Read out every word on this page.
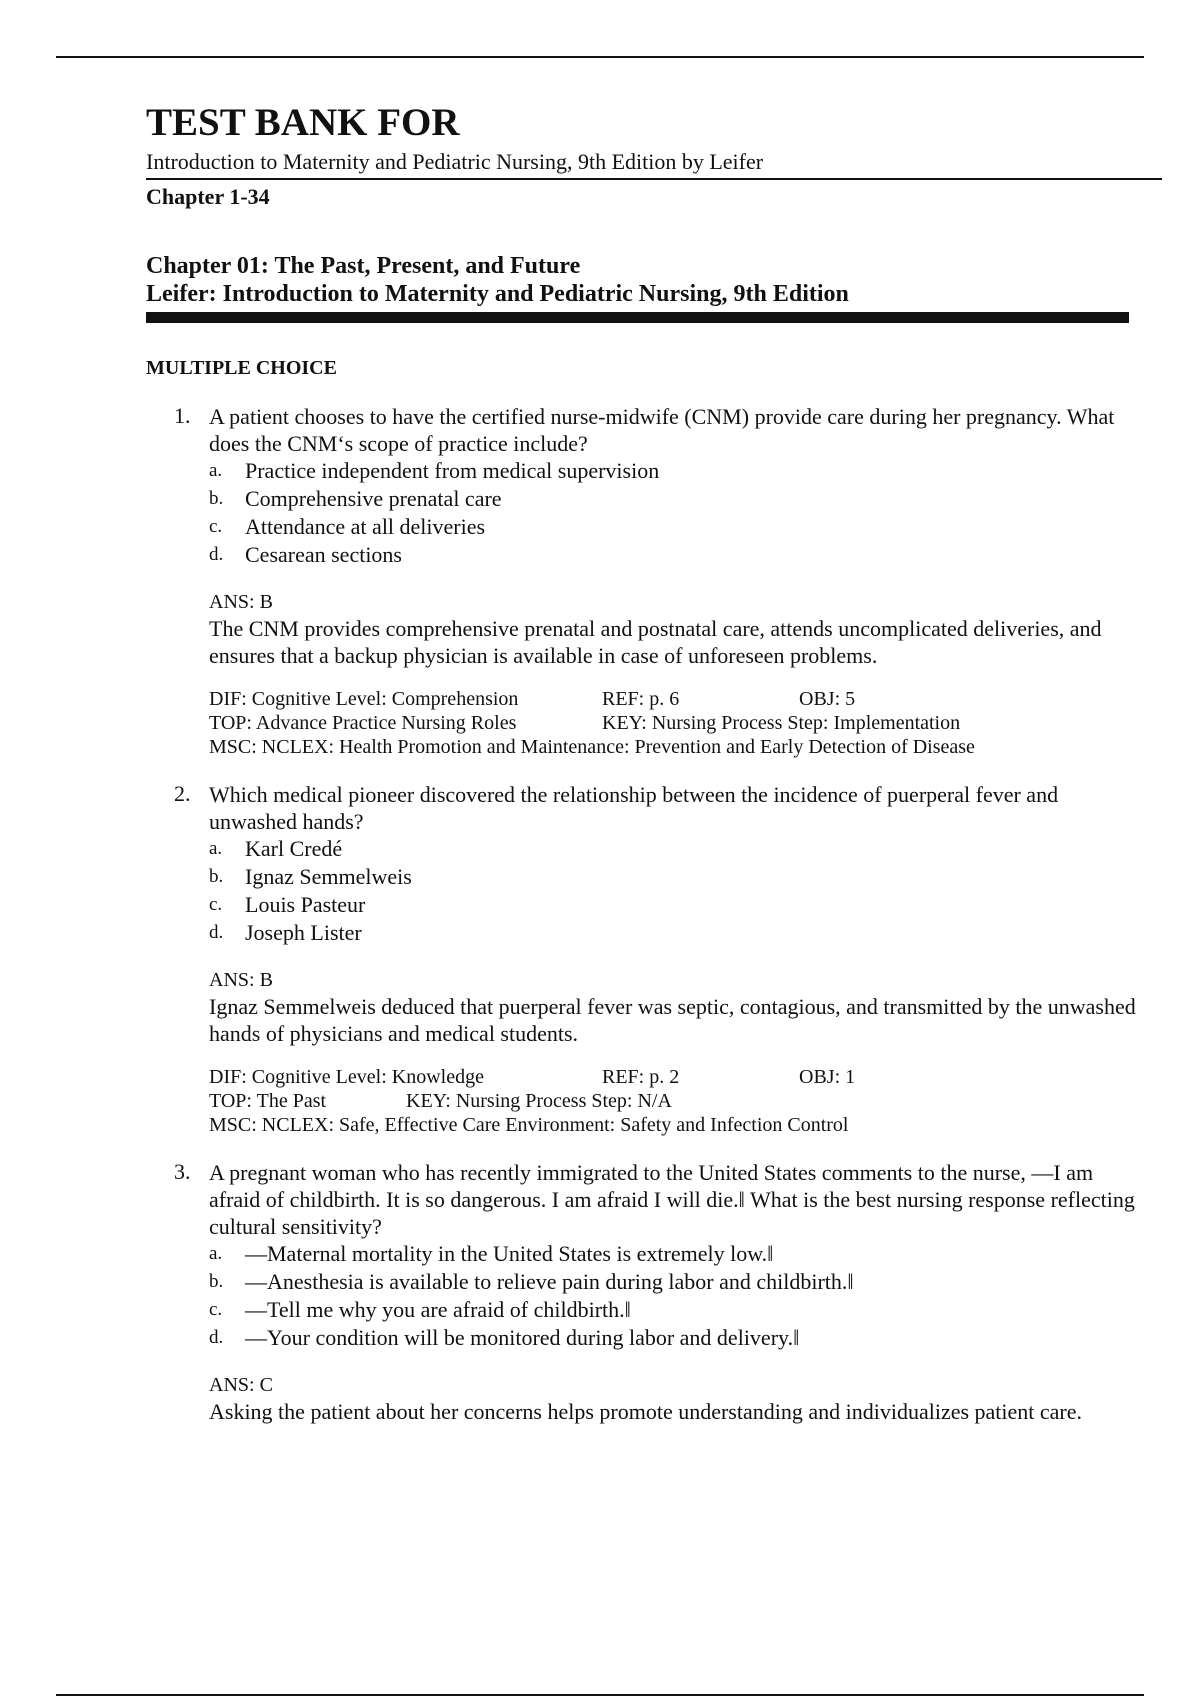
TEST BANK FOR
Introduction to Maternity and Pediatric Nursing, 9th Edition by Leifer
Chapter 1-34
Chapter 01: The Past, Present, and Future
Leifer: Introduction to Maternity and Pediatric Nursing, 9th Edition
MULTIPLE CHOICE
1. A patient chooses to have the certified nurse-midwife (CNM) provide care during her pregnancy. What does the CNM‘s scope of practice include?
a.	Practice independent from medical supervision
b. Comprehensive prenatal care
c.	Attendance at all deliveries
d. Cesarean sections
ANS: B
The CNM provides comprehensive prenatal and postnatal care, attends uncomplicated deliveries, and ensures that a backup physician is available in case of unforeseen problems.
DIF: Cognitive Level: Comprehension	REF: p. 6	OBJ: 5
TOP: Advance Practice Nursing Roles	KEY: Nursing Process Step: Implementation
MSC: NCLEX: Health Promotion and Maintenance: Prevention and Early Detection of Disease
2. Which medical pioneer discovered the relationship between the incidence of puerperal fever and unwashed hands?
a.	Karl Credé
b. Ignaz Semmelweis
c.	Louis Pasteur
d. Joseph Lister
ANS: B
Ignaz Semmelweis deduced that puerperal fever was septic, contagious, and transmitted by the unwashed hands of physicians and medical students.
DIF: Cognitive Level: Knowledge	REF: p. 2	OBJ: 1
TOP: The Past	KEY: Nursing Process Step: N/A
MSC: NCLEX: Safe, Effective Care Environment: Safety and Infection Control
3. A pregnant woman who has recently immigrated to the United States comments to the nurse, ―I am afraid of childbirth. It is so dangerous. I am afraid I will die.‖ What is the best nursing response reflecting cultural sensitivity?
a.	―Maternal mortality in the United States is extremely low.‖
b. ―Anesthesia is available to relieve pain during labor and childbirth.‖
c.	―Tell me why you are afraid of childbirth.‖
d. ―Your condition will be monitored during labor and delivery.‖
ANS: C
Asking the patient about her concerns helps promote understanding and individualizes patient care.
